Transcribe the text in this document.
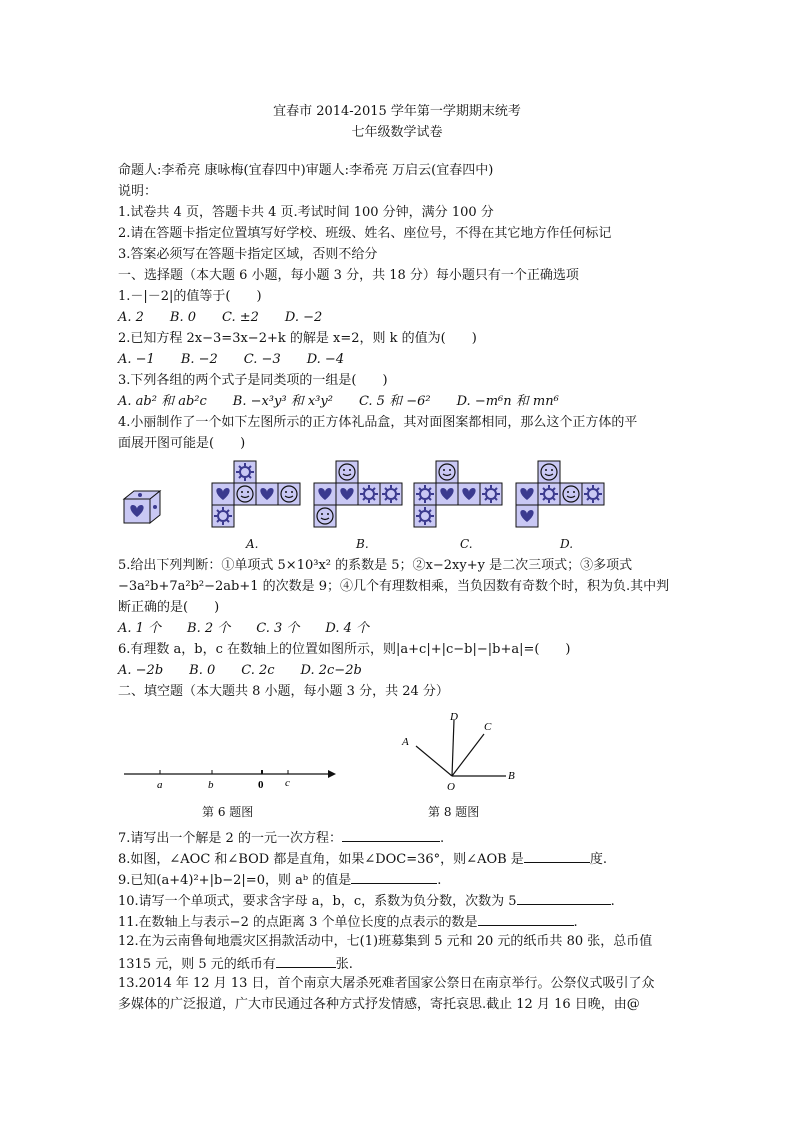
宜春市 2014-2015 学年第一学期期末统考
七年级数学试卷
命题人:李希亮 康咏梅(宜春四中)审题人:李希亮 万启云(宜春四中)
说明：
1.试卷共 4 页，答题卡共 4 页.考试时间 100 分钟，满分 100 分
2.请在答题卡指定位置填写好学校、班级、姓名、座位号，不得在其它地方作任何标记
3.答案必须写在答题卡指定区域，否则不给分
一、选择题（本大题 6 小题，每小题 3 分，共 18 分）每小题只有一个正确选项
1.－|－2|的值等于(　　)
A. 2　　B. 0　　C. ±2　　D. −2
2.已知方程 2x−3=3x−2+k 的解是 x=2，则 k 的值为(　　)
A. −1　　B. −2　　C. −3　　D. −4
3.下列各组的两个式子是同类项的一组是(　　)
A. ab² 和 ab²c　　B. −x³y³ 和 x³y²　　C. 5 和 −6²　　D. −m⁶n 和 mn⁶
4.小丽制作了一个如下左图所示的正方体礼品盒，其对面图案都相同，那么这个正方体的平
面展开图可能是(　　)
A.	B.	C.	D.
5.给出下列判断：①单项式 5×10³x² 的系数是 5；②x−2xy+y 是二次三项式；③多项式
−3a²b+7a²b²−2ab+1 的次数是 9；④几个有理数相乘，当负因数有奇数个时，积为负.其中判
断正确的是(　　)
A. 1 个　　B. 2 个　　C. 3 个　　D. 4 个
6.有理数 a，b，c 在数轴上的位置如图所示，则|a+c|+|c−b|−|b+a|=(　　)
A. −2b　　B. 0　　C. 2c　　D. 2c−2b
二、填空题（本大题共 8 小题，每小题 3 分，共 24 分）
a	b	0 c
第 6 题图
D
C
A
B
O
第 8 题图
7.请写出一个解是 2 的一元一次方程：	.
8.如图，∠AOC 和∠BOD 都是直角，如果∠DOC=36°，则∠AOB 是	度.
9.已知(a+4)²+|b−2|=0，则 aᵇ 的值是	.
10.请写一个单项式，要求含字母 a，b，c，系数为负分数，次数为 5	.
11.在数轴上与表示−2 的点距离 3 个单位长度的点表示的数是	.
12.在为云南鲁甸地震灾区捐款活动中，七(1)班募集到 5 元和 20 元的纸币共 80 张，总币值
1315 元，则 5 元的纸币有	张.
13.2014 年 12 月 13 日，首个南京大屠杀死难者国家公祭日在南京举行。公祭仪式吸引了众
多媒体的广泛报道，广大市民通过各种方式抒发情感，寄托哀思.截止 12 月 16 日晚，由@
